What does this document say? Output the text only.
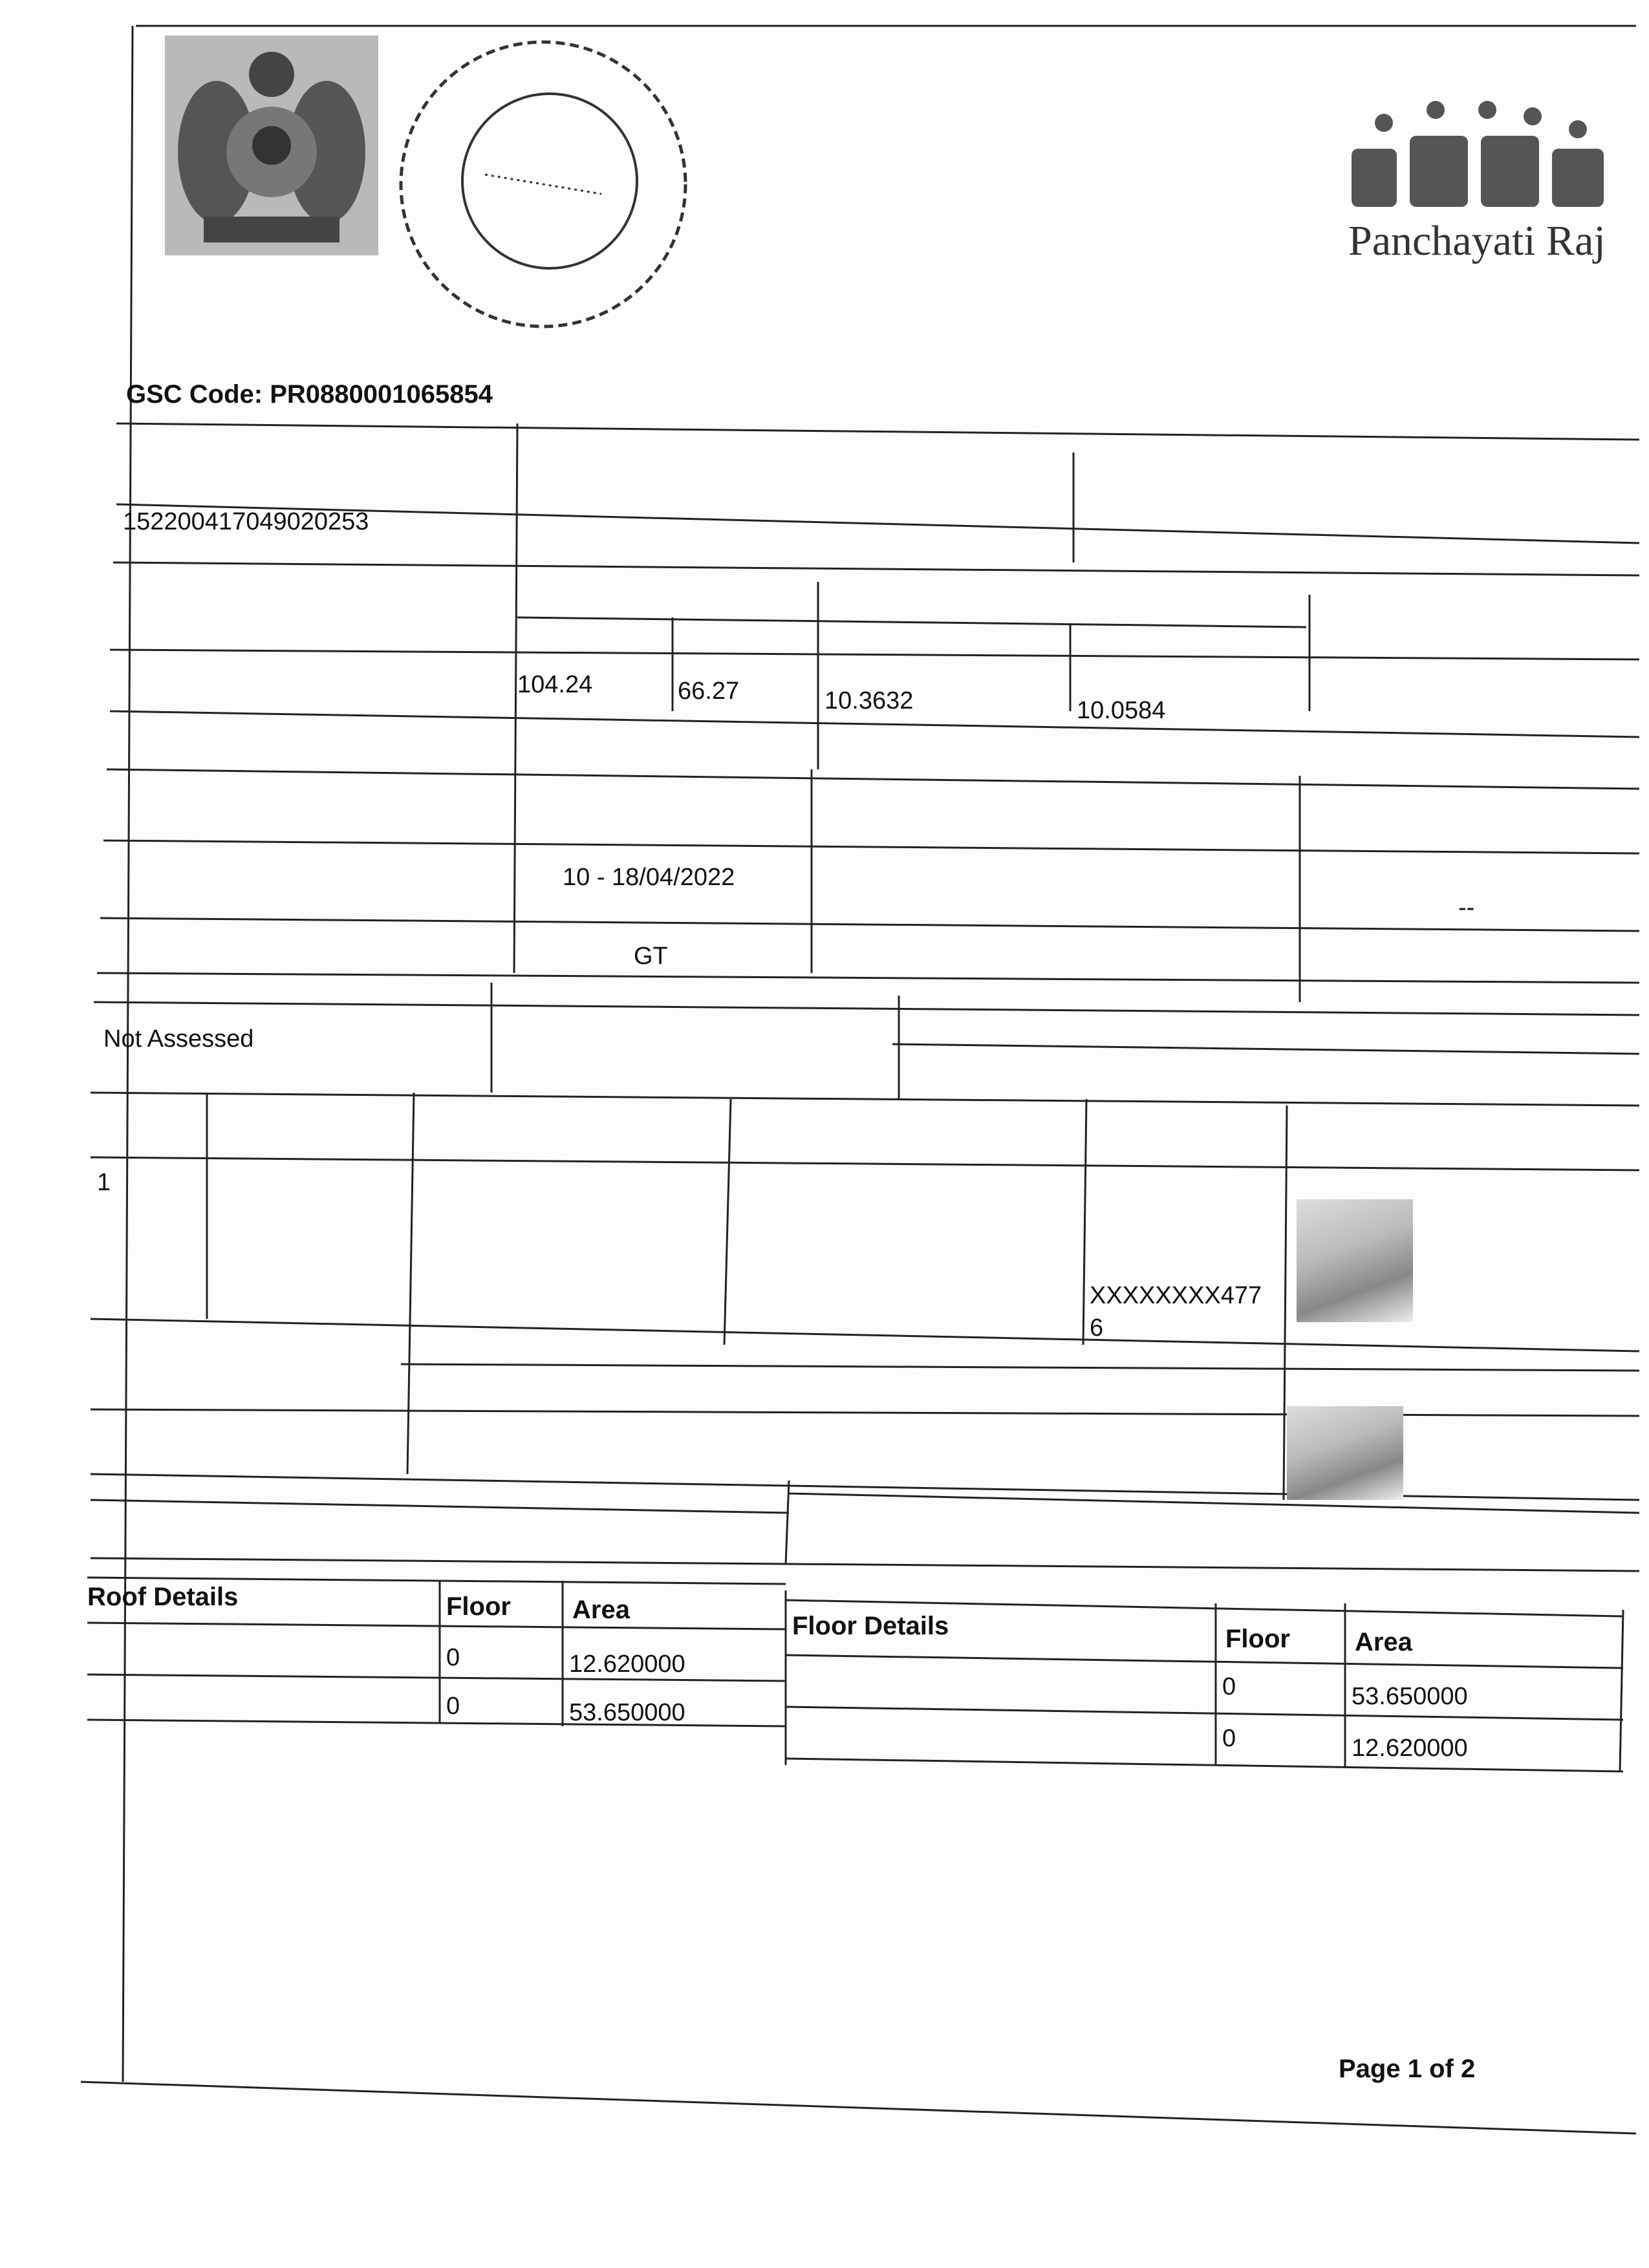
Panchayati Raj
GSC Code: PR0880001065854
152200417049020253
104.24	66.27	10.3632	10.0584
10 - 18/04/2022
--
GT
Not Assessed
1
XXXXXXXX477
6
Roof Details	Floor Area
0	12.620000
0	53.650000
Floor Details	Floor	Area
0	53.650000
0	12.620000
Page 1 of 2
